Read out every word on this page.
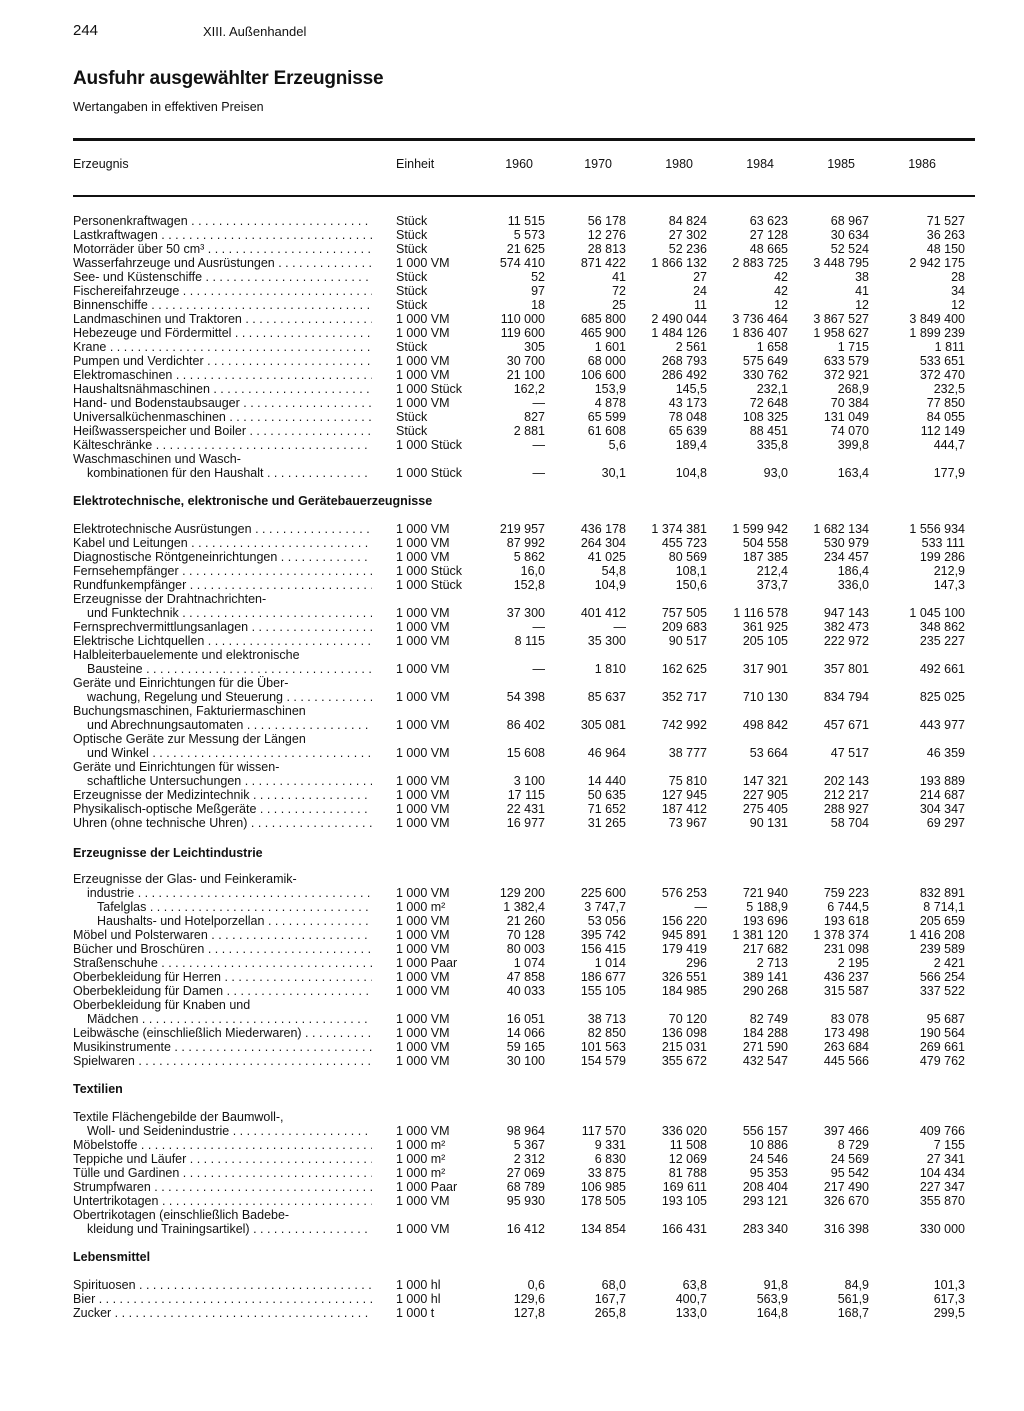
244	XIII. Außenhandel
Ausfuhr ausgewählter Erzeugnisse
Wertangaben in effektiven Preisen
Erzeugnis	Einheit	1960	1970	1980	1984	1985	1986
Personenkraftwagen . . .	Stück	11 515	56 178	84 824	63 623	68 967	71 527
Lastkraftwagen . . .	Stück	5 573	12 276	27 302	27 128	30 634	36 263
Motorräder über 50 cm³ . . .	Stück	21 625	28 813	52 236	48 665	52 524	48 150
Wasserfahrzeuge und Ausrüstungen . . .	1 000 VM	574 410	871 422	1 866 132	2 883 725	3 448 795	2 942 175
See- und Küstenschiffe . . .	Stück	52	41	27	42	38	28
Fischereifahrzeuge . . .	Stück	97	72	24	42	41	34
Binnenschiffe . . .	Stück	18	25	11	12	12	12
Landmaschinen und Traktoren . . .	1 000 VM	110 000	685 800	2 490 044	3 736 464	3 867 527	3 849 400
Hebezeuge und Fördermittel . . .	1 000 VM	119 600	465 900	1 484 126	1 836 407	1 958 627	1 899 239
Krane . . .	Stück	305	1 601	2 561	1 658	1 715	1 811
Pumpen und Verdichter . . .	1 000 VM	30 700	68 000	268 793	575 649	633 579	533 651
Elektromaschinen . . .	1 000 VM	21 100	106 600	286 492	330 762	372 921	372 470
Haushaltsnähmaschinen . . .	1 000 Stück	162,2	153,9	145,5	232,1	268,9	232,5
Hand- und Bodenstaubsauger . . .	1 000 VM	—	4 878	43 173	72 648	70 384	77 850
Universalküchenmaschinen . . .	Stück	827	65 599	78 048	108 325	131 049	84 055
Heißwasserspeicher und Boiler . . .	Stück	2 881	61 608	65 639	88 451	74 070	112 149
Kälteschränke . . .	1 000 Stück	—	5,6	189,4	335,8	399,8	444,7
Waschmaschinen und Wasch-
kombinationen für den Haushalt . . .	1 000 Stück	—	30,1	104,8	93,0	163,4	177,9
Elektrotechnische, elektronische und Gerätebauerzeugnisse
Elektrotechnische Ausrüstungen . . .	1 000 VM	219 957	436 178	1 374 381	1 599 942	1 682 134	1 556 934
Kabel und Leitungen . . .	1 000 VM	87 992	264 304	455 723	504 558	530 979	533 111
Diagnostische Röntgeneinrichtungen . . .	1 000 VM	5 862	41 025	80 569	187 385	234 457	199 286
Fernsehempfänger . . .	1 000 Stück	16,0	54,8	108,1	212,4	186,4	212,9
Rundfunkempfänger . . .	1 000 Stück	152,8	104,9	150,6	373,7	336,0	147,3
Erzeugnisse der Drahtnachrichten-
und Funktechnik . . .	1 000 VM	37 300	401 412	757 505	1 116 578	947 143	1 045 100
Fernsprechvermittlungsanlagen . . .	1 000 VM	—	—	209 683	361 925	382 473	348 862
Elektrische Lichtquellen . . .	1 000 VM	8 115	35 300	90 517	205 105	222 972	235 227
Halbleiterbauelemente und elektronische
Bausteine . . .	1 000 VM	—	1 810	162 625	317 901	357 801	492 661
Geräte und Einrichtungen für die Über-
wachung, Regelung und Steuerung . . .	1 000 VM	54 398	85 637	352 717	710 130	834 794	825 025
Buchungsmaschinen, Fakturiermaschinen
und Abrechnungsautomaten . . .	1 000 VM	86 402	305 081	742 992	498 842	457 671	443 977
Optische Geräte zur Messung der Längen
und Winkel . . .	1 000 VM	15 608	46 964	38 777	53 664	47 517	46 359
Geräte und Einrichtungen für wissen-
schaftliche Untersuchungen . . .	1 000 VM	3 100	14 440	75 810	147 321	202 143	193 889
Erzeugnisse der Medizintechnik . . .	1 000 VM	17 115	50 635	127 945	227 905	212 217	214 687
Physikalisch-optische Meßgeräte . . .	1 000 VM	22 431	71 652	187 412	275 405	288 927	304 347
Uhren (ohne technische Uhren) . . .	1 000 VM	16 977	31 265	73 967	90 131	58 704	69 297
Erzeugnisse der Leichtindustrie
Erzeugnisse der Glas- und Feinkeramik-
industrie . . .	1 000 VM	129 200	225 600	576 253	721 940	759 223	832 891
Tafelglas . . .	1 000 m²	1 382,4	3 747,7	—	5 188,9	6 744,5	8 714,1
Haushalts- und Hotelporzellan . . .	1 000 VM	21 260	53 056	156 220	193 696	193 618	205 659
Möbel und Polsterwaren . . .	1 000 VM	70 128	395 742	945 891	1 381 120	1 378 374	1 416 208
Bücher und Broschüren . . .	1 000 VM	80 003	156 415	179 419	217 682	231 098	239 589
Straßenschuhe . . .	1 000 Paar	1 074	1 014	296	2 713	2 195	2 421
Oberbekleidung für Herren . . .	1 000 VM	47 858	186 677	326 551	389 141	436 237	566 254
Oberbekleidung für Damen . . .	1 000 VM	40 033	155 105	184 985	290 268	315 587	337 522
Oberbekleidung für Knaben und
Mädchen . . .	1 000 VM	16 051	38 713	70 120	82 749	83 078	95 687
Leibwäsche (einschließlich Miederwaren) . . .	1 000 VM	14 066	82 850	136 098	184 288	173 498	190 564
Musikinstrumente . . .	1 000 VM	59 165	101 563	215 031	271 590	263 684	269 661
Spielwaren . . .	1 000 VM	30 100	154 579	355 672	432 547	445 566	479 762
Textilien
Textile Flächengebilde der Baumwoll-,
Woll- und Seidenindustrie . . .	1 000 VM	98 964	117 570	336 020	556 157	397 466	409 766
Möbelstoffe . . .	1 000 m²	5 367	9 331	11 508	10 886	8 729	7 155
Teppiche und Läufer . . .	1 000 m²	2 312	6 830	12 069	24 546	24 569	27 341
Tülle und Gardinen . . .	1 000 m²	27 069	33 875	81 788	95 353	95 542	104 434
Strumpfwaren . . .	1 000 Paar	68 789	106 985	169 611	208 404	217 490	227 347
Untertrikotagen . . .	1 000 VM	95 930	178 505	193 105	293 121	326 670	355 870
Obertrikotagen (einschließlich Badebe-
kleidung und Trainingsartikel) . . .	1 000 VM	16 412	134 854	166 431	283 340	316 398	330 000
Lebensmittel
Spirituosen . . .	1 000 hl	0,6	68,0	63,8	91,8	84,9	101,3
Bier . . .	1 000 hl	129,6	167,7	400,7	563,9	561,9	617,3
Zucker . . .	1 000 t	127,8	265,8	133,0	164,8	168,7	299,5
